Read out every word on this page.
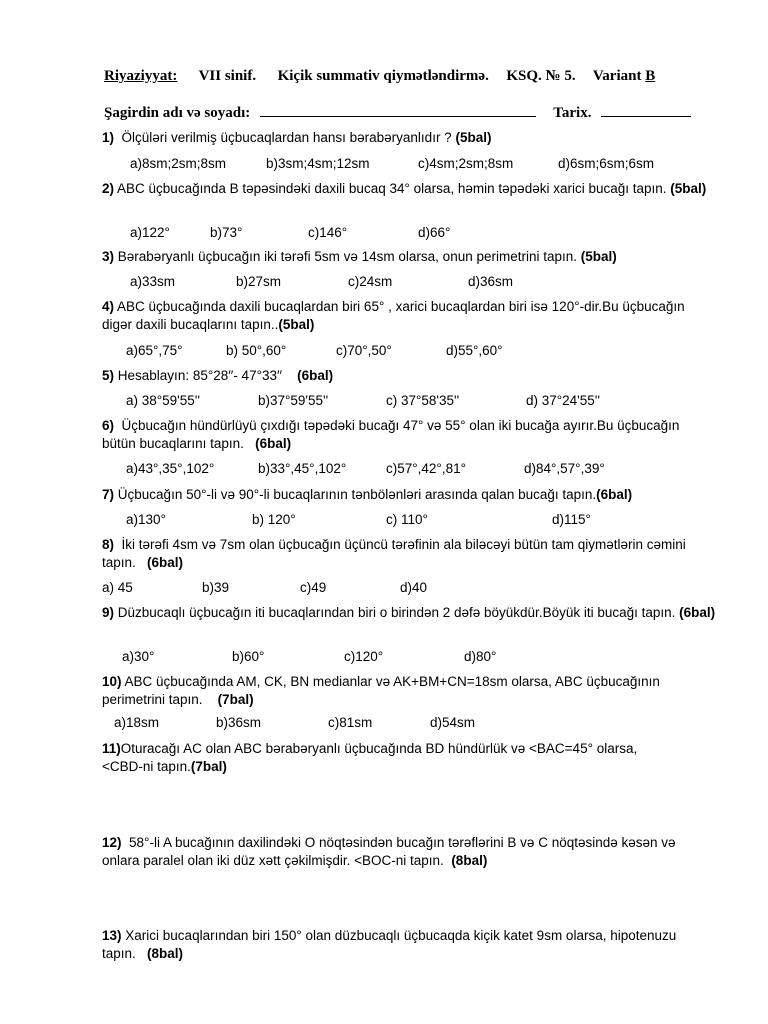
Riyaziyyat: VII sinif. Kiçik summativ qiymətləndirmə. KSQ. № 5. Variant B
Şagirdin adı və soyadı:	Tarix.
1) Ölçüləri verilmiş üçbucaqlardan hansı bərabəryanlıdır ? (5bal)
a)8sm;2sm;8sm	b)3sm;4sm;12sm	c)4sm;2sm;8sm	d)6sm;6sm;6sm
2) ABC üçbucağında B təpəsindəki daxili bucaq 34° olarsa, həmin təpədəki xarici bucağı tapın. (5bal)
a)122°	b)73°	c)146°	d)66°
3) Bərabəryanlı üçbucağın iki tərəfi 5sm və 14sm olarsa, onun perimetrini tapın. (5bal)
a)33sm	b)27sm	c)24sm	d)36sm
4) ABC üçbucağında daxili bucaqlardan biri 65° , xarici bucaqlardan biri isə 120°-dir.Bu üçbucağın digər daxili bucaqlarını tapın..(5bal)
a)65°,75°	b) 50°,60°	c)70°,50°	d)55°,60°
5) Hesablayın: 85°28′′- 47°33′′ (6bal)
a) 38°59'55''	b)37°59'55''	c) 37°58'35''	d) 37°24'55''
6) Üçbucağın hündürlüyü çıxdığı təpədəki bucağı 47° və 55° olan iki bucağa ayırır.Bu üçbucağın bütün bucaqlarını tapın. (6bal)
a)43°,35°,102°	b)33°,45°,102°	c)57°,42°,81°	d)84°,57°,39°
7) Üçbucağın 50°-li və 90°-li bucaqlarının tənbölənləri arasında qalan bucağı tapın.(6bal)
a)130°	b) 120°	c) 110°	d)115°
8) İki tərəfi 4sm və 7sm olan üçbucağın üçüncü tərəfinin ala biləcəyi bütün tam qiymətlərin cəmini tapın. (6bal)
a) 45	b)39	c)49	d)40
9) Düzbucaqlı üçbucağın iti bucaqlarından biri o birindən 2 dəfə böyükdür.Böyük iti bucağı tapın. (6bal)
a)30°	b)60°	c)120°	d)80°
10) ABC üçbucağında AM, CK, BN medianlar və AK+BM+CN=18sm olarsa, ABC üçbucağının perimetrini tapın. (7bal)
a)18sm	b)36sm	c)81sm	d)54sm
11)Oturacağı AC olan ABC bərabəryanlı üçbucağında BD hündürlük və <BAC=45° olarsa,<CBD-ni tapın.(7bal)
12) 58°-li A bucağının daxilindəki O nöqtəsindən bucağın tərəflərini B və C nöqtəsində kəsən və onlara paralel olan iki düz xətt çəkilmişdir. <BOC-ni tapın. (8bal)
13) Xarici bucaqlarından biri 150° olan düzbucaqlı üçbucaqda kiçik katet 9sm olarsa, hipotenuzu tapın. (8bal)
